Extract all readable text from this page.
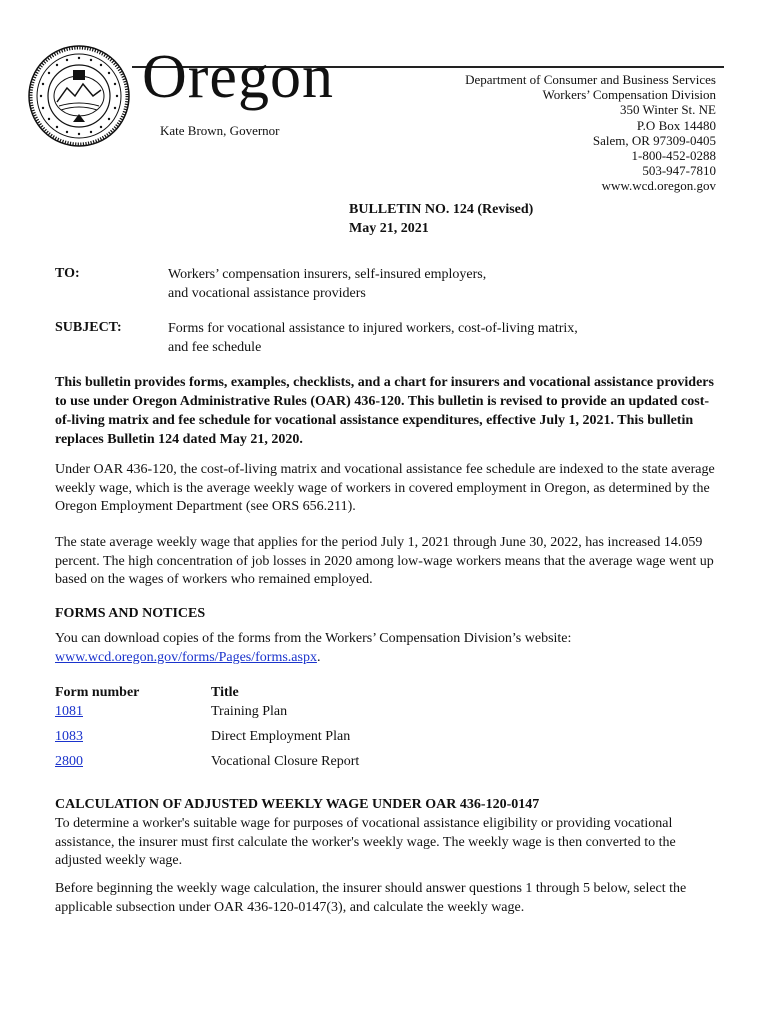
Oregon
Kate Brown, Governor
Department of Consumer and Business Services
Workers’ Compensation Division
350 Winter St. NE
P.O Box 14480
Salem, OR 97309-0405
1-800-452-0288
503-947-7810
www.wcd.oregon.gov
BULLETIN NO. 124 (Revised)
May 21, 2021
TO:	Workers’ compensation insurers, self-insured employers,
and vocational assistance providers
SUBJECT:	Forms for vocational assistance to injured workers, cost-of-living matrix,
and fee schedule
This bulletin provides forms, examples, checklists, and a chart for insurers and vocational assistance providers to use under Oregon Administrative Rules (OAR) 436-120. This bulletin is revised to provide an updated cost-of-living matrix and fee schedule for vocational assistance expenditures, effective July 1, 2021. This bulletin replaces Bulletin 124 dated May 21, 2020.
Under OAR 436-120, the cost-of-living matrix and vocational assistance fee schedule are indexed to the state average weekly wage, which is the average weekly wage of workers in covered employment in Oregon, as determined by the Oregon Employment Department (see ORS 656.211).
The state average weekly wage that applies for the period July 1, 2021 through June 30, 2022, has increased 14.059 percent. The high concentration of job losses in 2020 among low-wage workers means that the average wage went up based on the wages of workers who remained employed.
FORMS AND NOTICES
You can download copies of the forms from the Workers’ Compensation Division’s website:
www.wcd.oregon.gov/forms/Pages/forms.aspx.
Form number	Title
1081	Training Plan
1083	Direct Employment Plan
2800	Vocational Closure Report
CALCULATION OF ADJUSTED WEEKLY WAGE UNDER OAR 436-120-0147
To determine a worker's suitable wage for purposes of vocational assistance eligibility or providing vocational assistance, the insurer must first calculate the worker's weekly wage. The weekly wage is then converted to the adjusted weekly wage.
Before beginning the weekly wage calculation, the insurer should answer questions 1 through 5 below, select the applicable subsection under OAR 436-120-0147(3), and calculate the weekly wage.
